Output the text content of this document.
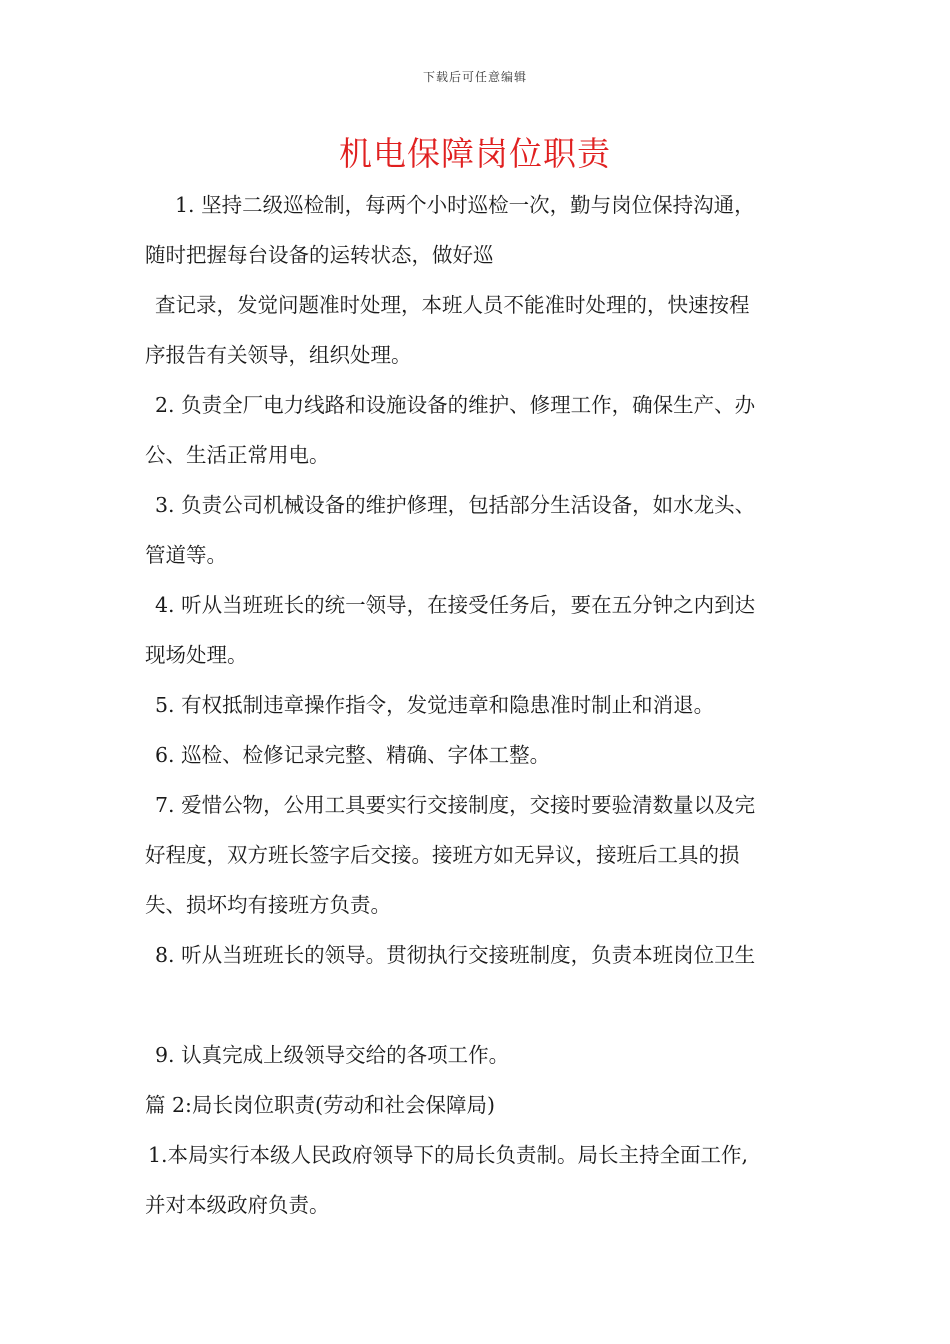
下载后可任意编辑
机电保障岗位职责
1. 坚持二级巡检制，每两个小时巡检一次，勤与岗位保持沟通，
随时把握每台设备的运转状态，做好巡
查记录，发觉问题准时处理，本班人员不能准时处理的，快速按程
序报告有关领导，组织处理。
2. 负责全厂电力线路和设施设备的维护、修理工作，确保生产、办
公、生活正常用电。
3. 负责公司机械设备的维护修理，包括部分生活设备，如水龙头、
管道等。
4. 听从当班班长的统一领导，在接受任务后，要在五分钟之内到达
现场处理。
5. 有权抵制违章操作指令，发觉违章和隐患准时制止和消退。
6. 巡检、检修记录完整、精确、字体工整。
7. 爱惜公物，公用工具要实行交接制度，交接时要验清数量以及完
好程度，双方班长签字后交接。接班方如无异议，接班后工具的损
失、损坏均有接班方负责。
8. 听从当班班长的领导。贯彻执行交接班制度，负责本班岗位卫生
9. 认真完成上级领导交给的各项工作。
篇 2:局长岗位职责(劳动和社会保障局)
1.本局实行本级人民政府领导下的局长负责制。局长主持全面工作,
并对本级政府负责。
